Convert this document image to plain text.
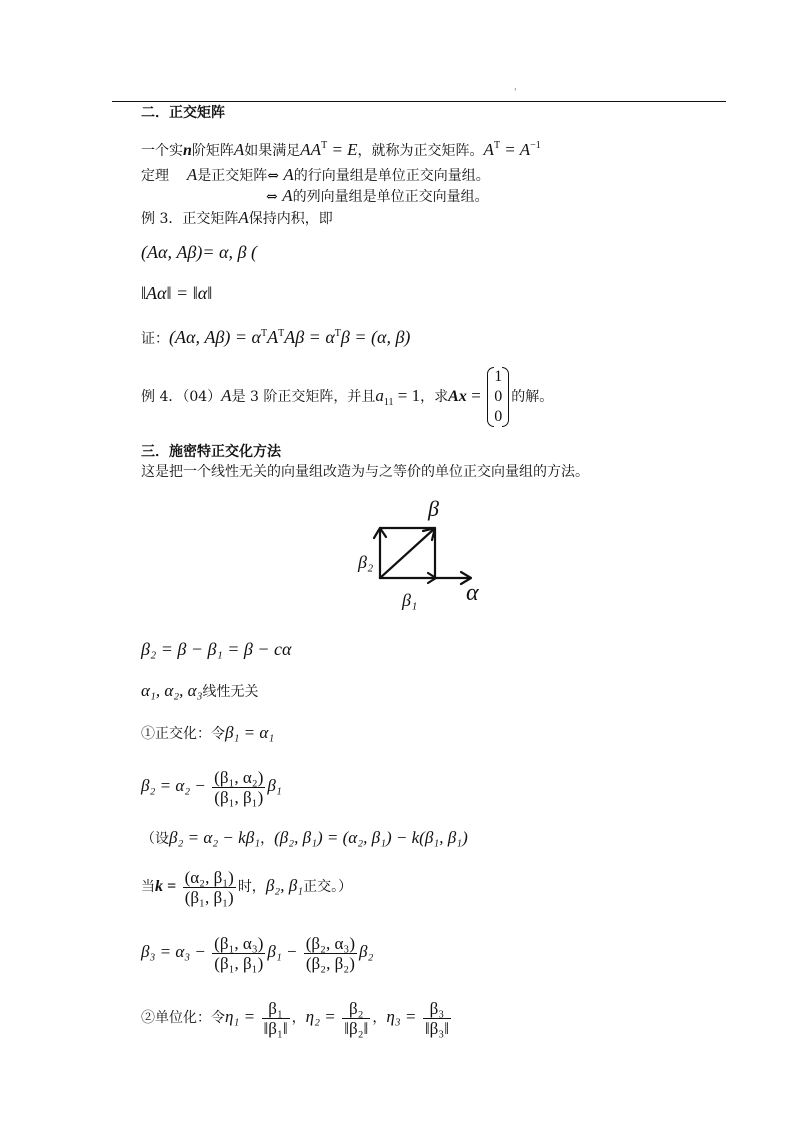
'
二．正交矩阵
一个实n阶矩阵A如果满足$AA^T = E$，就称为正交矩阵。$A^T = A^{-1}$
定理 A是正交矩阵⇔ A的行向量组是单位正交向量组。
⇔ A的列向量组是单位正交向量组。
例 3．正交矩阵A保持内积，即
(Aα, Aβ)= α, β (
‖Aα‖ = ‖α‖
证：(Aα, $A\beta) = \alpha^TA^TA\beta = \alpha^T\beta = (\alpha$, β)
例 4．（04）A是 3 阶正交矩阵，并且$a_{11} = 1$，求Ax =
1
0
0
的解。
三．施密特正交化方法
这是把一个线性无关的向量组改造为与之等价的单位正交向量组的方法。
β
β₂
β₁ α
β₂ = β − β₁ = β − cα
α₁, α₂, α₃线性无关
①正交化：令β₁ = α₁
$\beta_2 = \alpha_2 - \frac{\text{(β₁, α₂)}}{\text{(β₁, β₁)}} \beta_1$
（设β₂ = α₂ − kβ₁，(β₂, β₁) = (α₂, β₁) − k(β₁, β₁)
当$k = \frac{\text{(α₂, β₁)}}{\text{(β₁, β₁)}}$ 时，β₂, β₁正交。）
$\beta_3 = \alpha_3 - \frac{\text{(β₁, α₃)}}{\text{(β₁, β₁)}} \beta_1 - \frac{\text{(β₂, α₃)}}{\text{(β₂, β₂)}} \beta_2$
②单位化：令$\eta_1 = \frac{\text{β₁}}{\text{‖β₁‖}}$ ，$\eta_2 = \frac{\text{β₂}}{\text{‖β₂‖}}$ ，$\eta_3 = \frac{\text{β₃}}{\text{‖β₃‖}}$
